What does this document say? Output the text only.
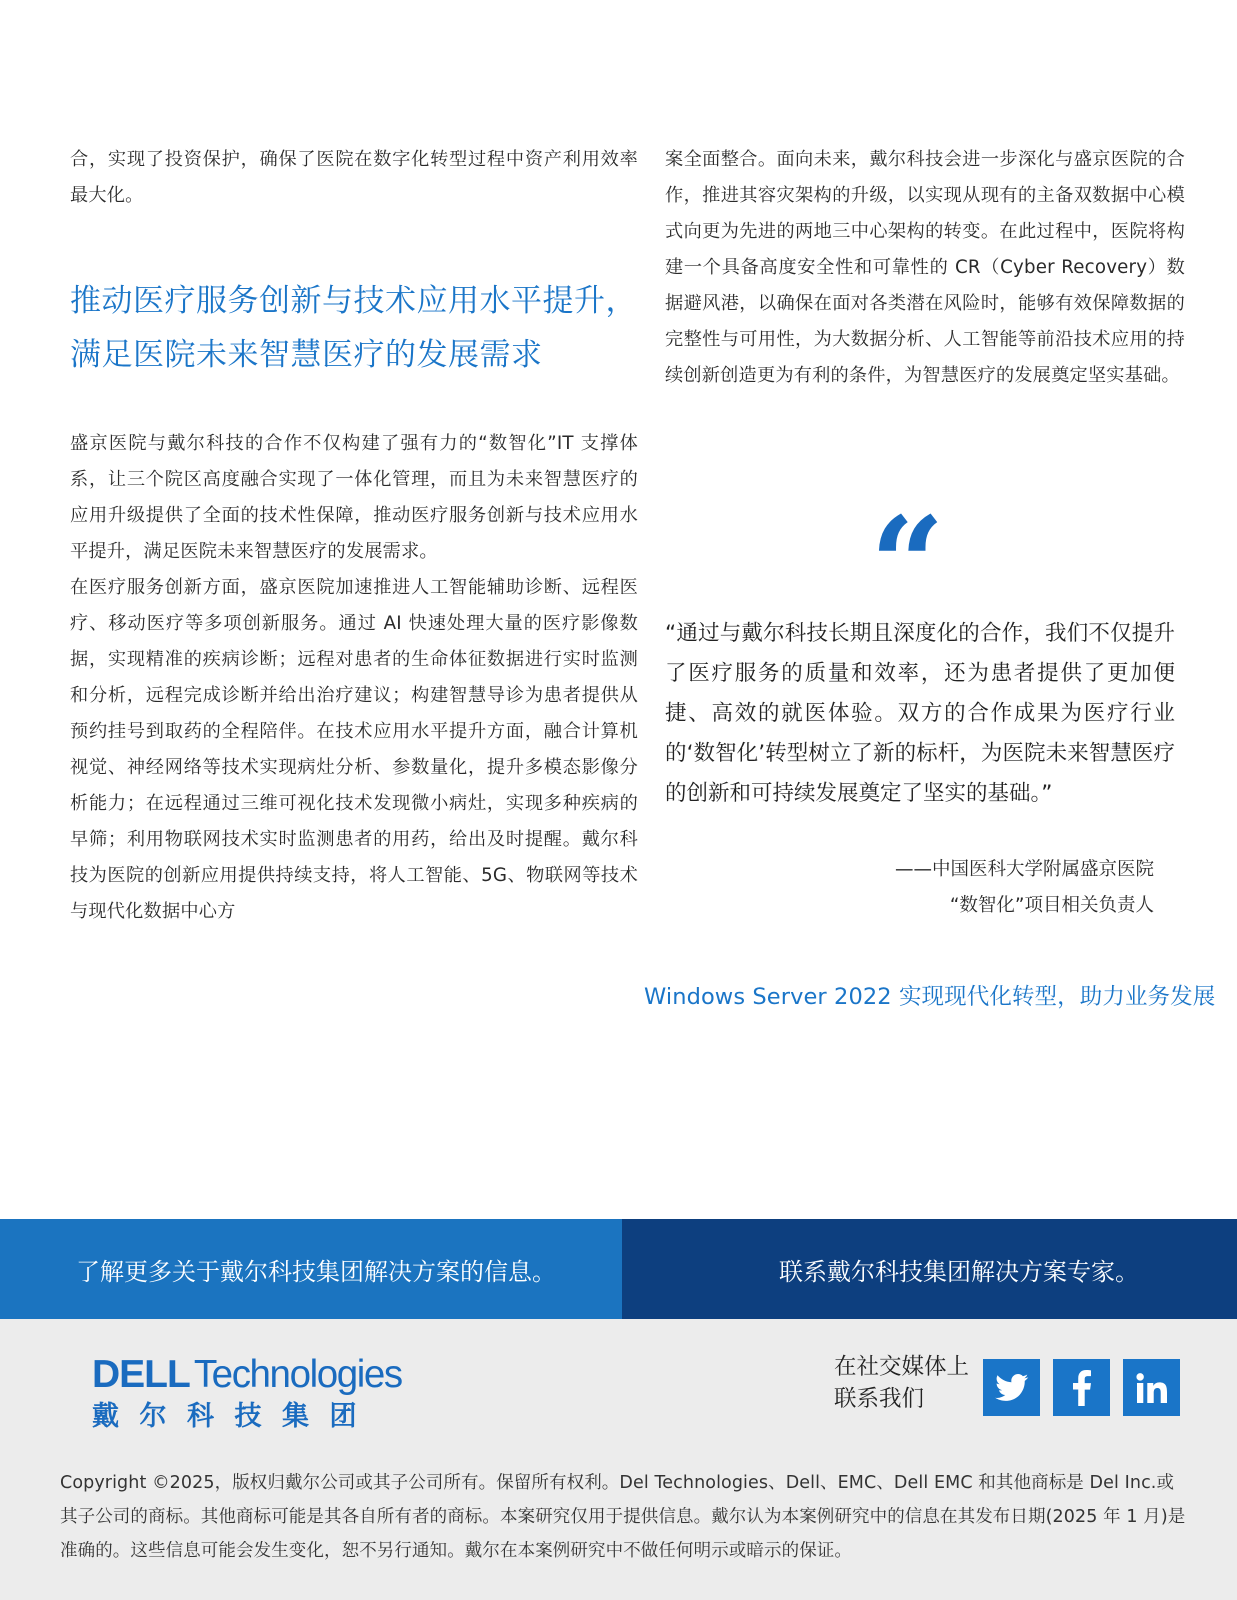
合，实现了投资保护，确保了医院在数字化转型过程中资产利用效率最大化。

推动医疗服务创新与技术应用水平提升，满足医院未来智慧医疗的发展需求

盛京医院与戴尔科技的合作不仅构建了强有力的“数智化”IT 支撑体系，让三个院区高度融合实现了一体化管理，而且为未来智慧医疗的应用升级提供了全面的技术性保障，推动医疗服务创新与技术应用水平提升，满足医院未来智慧医疗的发展需求。

在医疗服务创新方面，盛京医院加速推进人工智能辅助诊断、远程医疗、移动医疗等多项创新服务。通过 AI 快速处理大量的医疗影像数据，实现精准的疾病诊断；远程对患者的生命体征数据进行实时监测和分析，远程完成诊断并给出治疗建议；构建智慧导诊为患者提供从预约挂号到取药的全程陪伴。在技术应用水平提升方面，融合计算机视觉、神经网络等技术实现病灶分析、参数量化，提升多模态影像分析能力；在远程通过三维可视化技术发现微小病灶，实现多种疾病的早筛；利用物联网技术实时监测患者的用药，给出及时提醒。戴尔科技为医院的创新应用提供持续支持，将人工智能、5G、物联网等技术与现代化数据中心方

案全面整合。面向未来，戴尔科技会进一步深化与盛京医院的合作，推进其容灾架构的升级，以实现从现有的主备双数据中心模式向更为先进的两地三中心架构的转变。在此过程中，医院将构建一个具备高度安全性和可靠性的 CR（Cyber Recovery）数据避风港，以确保在面对各类潜在风险时，能够有效保障数据的完整性与可用性，为大数据分析、人工智能等前沿技术应用的持续创新创造更为有利的条件，为智慧医疗的发展奠定坚实基础。

“

“通过与戴尔科技长期且深度化的合作，我们不仅提升了医疗服务的质量和效率，还为患者提供了更加便捷、高效的就医体验。双方的合作成果为医疗行业的‘数智化’转型树立了新的标杆，为医院未来智慧医疗的创新和可持续发展奠定了坚实的基础。”

——中国医科大学附属盛京医院
“数智化”项目相关负责人
Windows Server 2022 实现现代化转型，助力业务发展
了解更多关于戴尔科技集团解决方案的信息。	联系戴尔科技集团解决方案专家。
DELL Technologies
戴尔科技集团
在社交媒体上
联系我们

Copyright ©2025，版权归戴尔公司或其子公司所有。保留所有权利。Del Technologies、Dell、EMC、Dell EMC 和其他商标是 Del Inc.或其子公司的商标。其他商标可能是其各自所有者的商标。本案研究仅用于提供信息。戴尔认为本案例研究中的信息在其发布日期(2025 年 1 月)是准确的。这些信息可能会发生变化，恕不另行通知。戴尔在本案例研究中不做任何明示或暗示的保证。
